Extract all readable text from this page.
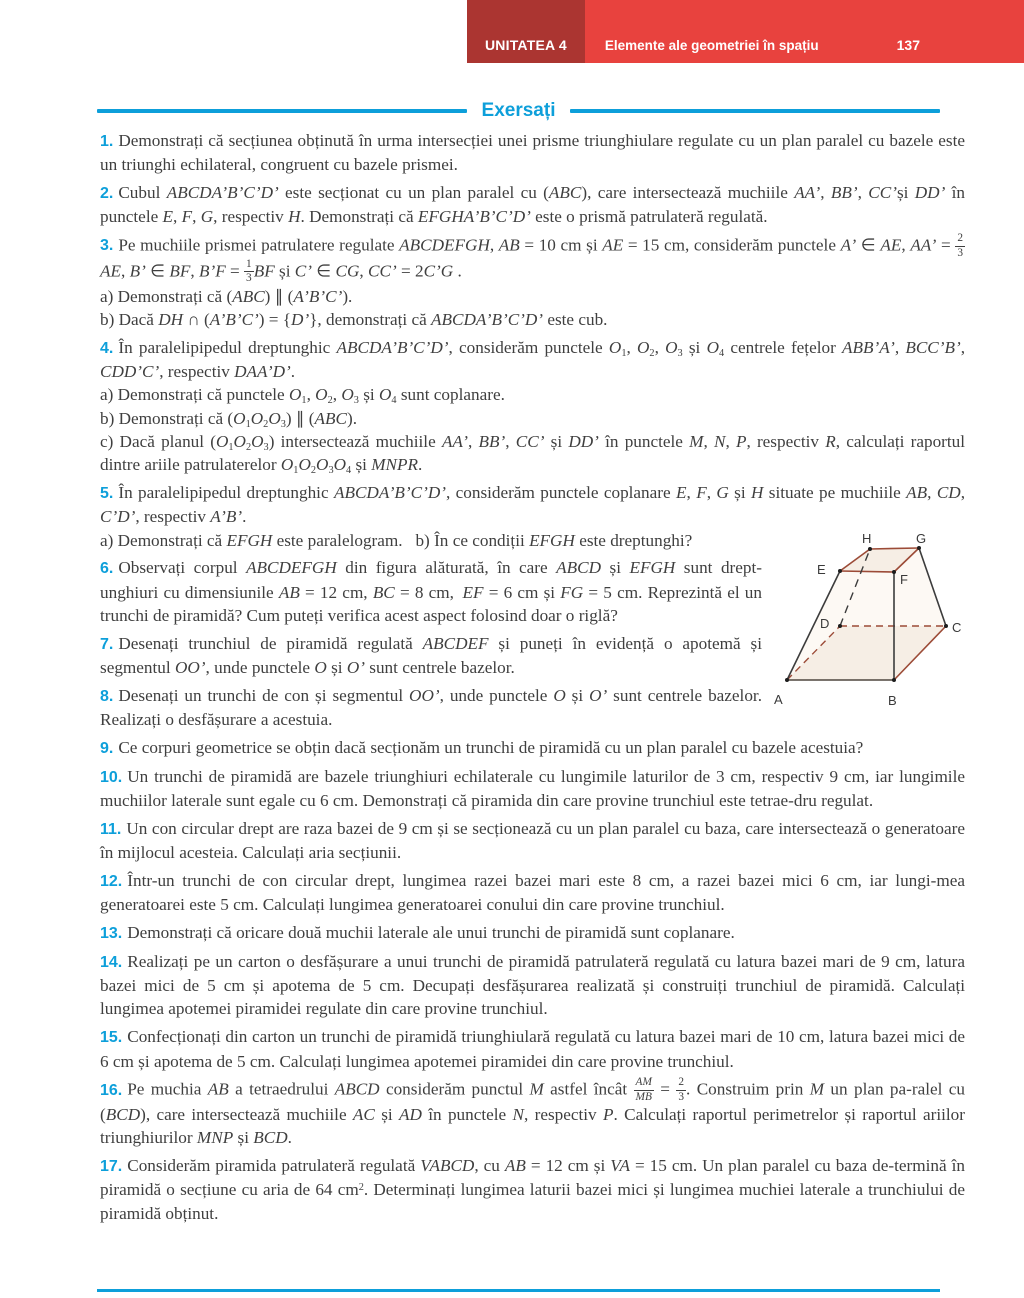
UNITATEA 4	Elemente ale geometriei în spațiu	137
Exersați

1. Demonstrați că secțiunea obținută în urma intersecției unei prisme triunghiulare regulate cu un plan paralel cu bazele este un triunghi echilateral, congruent cu bazele prismei.

2. Cubul ABCDA’B’C’D’ este secționat cu un plan paralel cu (ABC), care intersectează muchiile AA’, BB’, CC’și DD’ în punctele E, F, G, respectiv H. Demonstrați că EFGHA’B’C’D’ este o prismă patrulateră regulată.

3. Pe muchiile prismei patrulatere regulate ABCDEFGH, AB = 10 cm și AE = 15 cm, considerăm punctele A’ ∈ AE, AA’ = $\frac{2}{3}$
AE, B’ ∈ BF, B’F = $\frac{1}{3}$ BF și C’ ∈ CG, CC’ = 2C’G .

a) Demonstrați că (ABC) ∥ (A’B’C’).

b) Dacă DH ∩ (A’B’C’) = {D’}, demonstrați că ABCDA’B’C’D’ este cub.

4. În paralelipipedul dreptunghic ABCDA’B’C’D’, considerăm punctele $O_1$, $O_2$, $O_3$ și $O_4$ centrele fețelor ABB’A’, BCC’B’, CDD’C’, respectiv DAA’D’.

a) Demonstrați că punctele $O_1$, $O_2$, $O_3$ și $O_4$ sunt coplanare.

b) Demonstrați că $(O_1O_2O_3)$ ∥ (ABC).

c) Dacă planul $(O_1O_2O_3)$ intersectează muchiile AA’, BB’, CC’ și DD’ în punctele M, N, P, respectiv R, calculați raportul dintre ariile patrulaterelor $O_1O_2O_3O_4$ și MNPR.

5. În paralelipipedul dreptunghic ABCDA’B’C’D’, considerăm punctele coplanare E, F, G și H situate pe muchiile AB, CD, C’D’, respectiv A’B’.

a) Demonstrați că EFGH este paralelogram.  b) În ce condiții EFGH este dreptunghi?

6. Observați corpul ABCDEFGH din figura alăturată, în care ABCD și EFGH sunt drept‐unghiuri cu dimensiunile AB = 12 cm, BC = 8 cm, EF = 6 cm și FG = 5 cm. Reprezintă el un trunchi de piramidă? Cum puteți verifica acest aspect folosind doar o riglă?

7. Desenați trunchiul de piramidă regulată ABCDEF și puneți în evidență o apotemă și segmentul OO’, unde punctele O și O’ sunt centrele bazelor.

8. Desenați un trunchi de con și segmentul OO’, unde punctele O și O’ sunt centrele bazelor. Realizați o desfășurare a acestuia.

9. Ce corpuri geometrice se obțin dacă secționăm un trunchi de piramidă cu un plan paralel cu bazele acestuia?

10. Un trunchi de piramidă are bazele triunghiuri echilaterale cu lungimile laturilor de 3 cm, respectiv 9 cm, iar lungimile muchiilor laterale sunt egale cu 6 cm. Demonstrați că piramida din care provine trunchiul este tetrae‐dru regulat.

11. Un con circular drept are raza bazei de 9 cm și se secționează cu un plan paralel cu baza, care intersectează o generatoare în mijlocul acesteia. Calculați aria secțiunii.

12. Într-un trunchi de con circular drept, lungimea razei bazei mari este 8 cm, a razei bazei mici 6 cm, iar lungi‐mea generatoarei este 5 cm. Calculați lungimea generatoarei conului din care provine trunchiul.

13. Demonstrați că oricare două muchii laterale ale unui trunchi de piramidă sunt coplanare.

14. Realizați pe un carton o desfășurare a unui trunchi de piramidă patrulateră regulată cu latura bazei mari de 9 cm, latura bazei mici de 5 cm și apotema de 5 cm. Decupați desfășurarea realizată și construiți trunchiul de piramidă. Calculați lungimea apotemei piramidei regulate din care provine trunchiul.

15. Confecționați din carton un trunchi de piramidă triunghiulară regulată cu latura bazei mari de 10 cm, latura bazei mici de 6 cm și apotema de 5 cm. Calculați lungimea apotemei piramidei din care provine trunchiul.

16. Pe muchia AB a tetraedrului ABCD considerăm punctul M astfel încât $\frac{AM}{MB} = \frac{2}{3}$ . Construim prin M un plan pa‐ralel cu (BCD), care intersectează muchiile AC și AD în punctele N, respectiv P. Calculați raportul perimetrelor și raportul ariilor triunghiurilor MNP și BCD.

17. Considerăm piramida patrulateră regulată VABCD, cu AB = 12 cm și VA = 15 cm. Un plan paralel cu baza de‐termină în piramidă o secțiune cu aria de 64 $cm^2$. Determinați lungimea laturii bazei mici și lungimea muchiei laterale a trunchiului de piramidă obținut.

A	B
C
D
E
F
G
H
